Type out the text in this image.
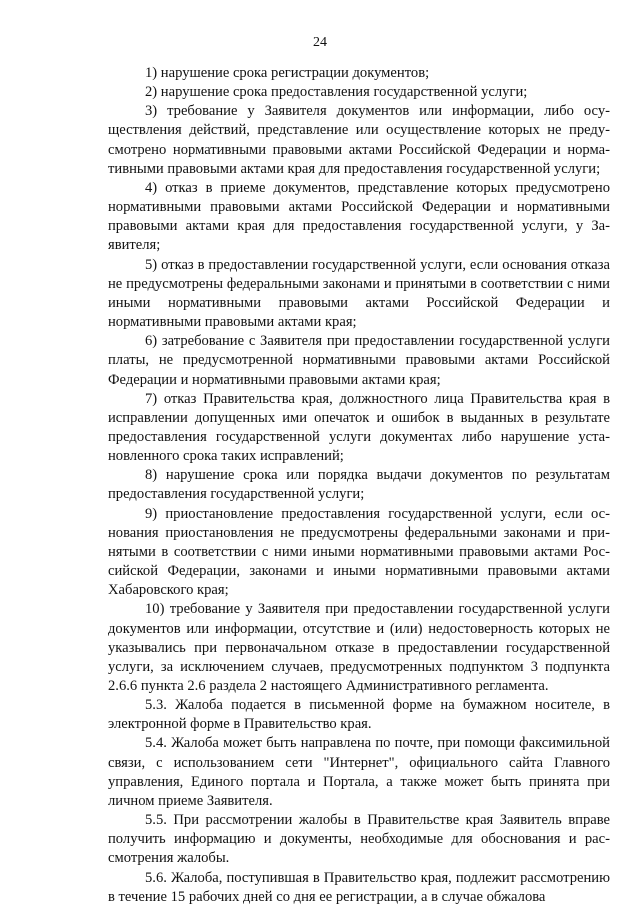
24

1) нарушение срока регистрации документов;

2) нарушение срока предоставления государственной услуги;

3) требование у Заявителя документов или информации, либо осуществления действий, представление или осуществление которых не предусмотрено нормативными правовыми актами Российской Федерации и нормативными правовыми актами края для предоставления государственной услуги;

4) отказ в приеме документов, представление которых предусмотрено нормативными правовыми актами Российской Федерации и нормативными правовыми актами края для предоставления государственной услуги, у Заявителя;

5) отказ в предоставлении государственной услуги, если основания отказа не предусмотрены федеральными законами и принятыми в соответствии с ними иными нормативными правовыми актами Российской Федерации и нормативными правовыми актами края;

6) затребование с Заявителя при предоставлении государственной услуги платы, не предусмотренной нормативными правовыми актами Российской Федерации и нормативными правовыми актами края;

7) отказ Правительства края, должностного лица Правительства края в исправлении допущенных ими опечаток и ошибок в выданных в результате предоставления государственной услуги документах либо нарушение установленного срока таких исправлений;

8) нарушение срока или порядка выдачи документов по результатам предоставления государственной услуги;

9) приостановление предоставления государственной услуги, если основания приостановления не предусмотрены федеральными законами и принятыми в соответствии с ними иными нормативными правовыми актами Российской Федерации, законами и иными нормативными правовыми актами Хабаровского края;

10) требование у Заявителя при предоставлении государственной услуги документов или информации, отсутствие и (или) недостоверность которых не указывались при первоначальном отказе в предоставлении государственной услуги, за исключением случаев, предусмотренных подпунктом 3 подпункта 2.6.6 пункта 2.6 раздела 2 настоящего Административного регламента.

5.3. Жалоба подается в письменной форме на бумажном носителе, в электронной форме в Правительство края.

5.4. Жалоба может быть направлена по почте, при помощи факсимильной связи, с использованием сети "Интернет", официального сайта Главного управления, Единого портала и Портала, а также может быть принята при личном приеме Заявителя.

5.5. При рассмотрении жалобы в Правительстве края Заявитель вправе получить информацию и документы, необходимые для обоснования и рассмотрения жалобы.

5.6. Жалоба, поступившая в Правительство края, подлежит рассмотрению в течение 15 рабочих дней со дня ее регистрации, а в случае обжалова
